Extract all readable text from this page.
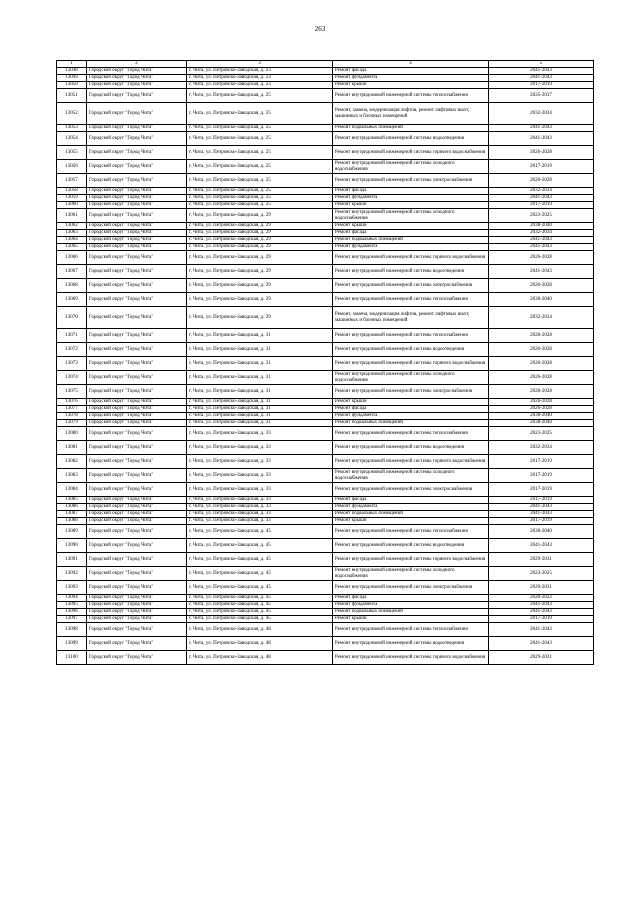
263
1	2	3	4	5
13048	Городской округ "Город Чита"	г. Чита, ул. Петровско-Заводская, д. 23	Ремонт фасада	2041-2043
13049	Городской округ "Город Чита"	г. Чита, ул. Петровско-Заводская, д. 23	Ремонт фундамента	2041-2043
13050	Городской округ "Город Чита"	г. Чита, ул. Петровско-Заводская, д. 23	Ремонт крыши	2017-2019
13051	Городской округ "Город Чита"	г. Чита, ул. Петровско-Заводская, д. 25	Ремонт внутридомовой инженерной системы теплоснабжения	2035-2037
13052	Городской округ "Город Чита"	г. Чита, ул. Петровско-Заводская, д. 25	Ремонт, замена, модернизация лифтов, ремонт лифтовых шахт, машинных и блочных помещений	2032-2034
13053	Городской округ "Город Чита"	г. Чита, ул. Петровско-Заводская, д. 25	Ремонт подвальных помещений	2041-2043
13054	Городской округ "Город Чита"	г. Чита, ул. Петровско-Заводская, д. 25	Ремонт внутридомовой инженерной системы водоотведения	2041-2043
13055	Городской округ "Город Чита"	г. Чита, ул. Петровско-Заводская, д. 25	Ремонт внутридомовой инженерной системы горячего водоснабжения	2026-2028
13056	Городской округ "Город Чита"	г. Чита, ул. Петровско-Заводская, д. 25	Ремонт внутридомовой инженерной системы холодного водоснабжения	2017-2019
13057	Городской округ "Город Чита"	г. Чита, ул. Петровско-Заводская, д. 25	Ремонт внутридомовой инженерной системы электроснабжения	2026-2028
13058	Городской округ "Город Чита"	г. Чита, ул. Петровско-Заводская, д. 25	Ремонт фасада	2032-2034
13059	Городской округ "Город Чита"	г. Чита, ул. Петровско-Заводская, д. 25	Ремонт фундамента	2041-2043
13060	Городской округ "Город Чита"	г. Чита, ул. Петровско-Заводская, д. 25	Ремонт крыши	2017-2019
13061	Городской округ "Город Чита"	г. Чита, ул. Петровско-Заводская, д. 29	Ремонт внутридомовой инженерной системы холодного водоснабжения	2023-2025
13062	Городской округ "Город Чита"	г. Чита, ул. Петровско-Заводская, д. 29	Ремонт крыши	2038-2040
13063	Городской округ "Город Чита"	г. Чита, ул. Петровско-Заводская, д. 29	Ремонт фасада	2032-2034
13064	Городской округ "Город Чита"	г. Чита, ул. Петровско-Заводская, д. 29	Ремонт подвальных помещений	2041-2043
13065	Городской округ "Город Чита"	г. Чита, ул. Петровско-Заводская, д. 29	Ремонт фундамента	2041-2043
13066	Городской округ "Город Чита"	г. Чита, ул. Петровско-Заводская, д. 29	Ремонт внутридомовой инженерной системы горячего водоснабжения	2026-2028
13067	Городской округ "Город Чита"	г. Чита, ул. Петровско-Заводская, д. 29	Ремонт внутридомовой инженерной системы водоотведения	2041-2043
13068	Городской округ "Город Чита"	г. Чита, ул. Петровско-Заводская, д. 29	Ремонт внутридомовой инженерной системы электроснабжения	2026-2028
13069	Городской округ "Город Чита"	г. Чита, ул. Петровско-Заводская, д. 29	Ремонт внутридомовой инженерной системы теплоснабжения	2038-2040
13070	Городской округ "Город Чита"	г. Чита, ул. Петровско-Заводская, д. 29	Ремонт, замена, модернизация лифтов, ремонт лифтовых шахт, машинных и блочных помещений	2032-2034
13071	Городской округ "Город Чита"	г. Чита, ул. Петровско-Заводская, д. 31	Ремонт внутридомовой инженерной системы теплоснабжения	2026-2028
13072	Городской округ "Город Чита"	г. Чита, ул. Петровско-Заводская, д. 31	Ремонт внутридомовой инженерной системы водоотведения	2026-2028
13073	Городской округ "Город Чита"	г. Чита, ул. Петровско-Заводская, д. 31	Ремонт внутридомовой инженерной системы горячего водоснабжения	2026-2028
13074	Городской округ "Город Чита"	г. Чита, ул. Петровско-Заводская, д. 31	Ремонт внутридомовой инженерной системы холодного водоснабжения	2026-2028
13075	Городской округ "Город Чита"	г. Чита, ул. Петровско-Заводская, д. 31	Ремонт внутридомовой инженерной системы электроснабжения	2026-2028
13076	Городской округ "Город Чита"	г. Чита, ул. Петровско-Заводская, д. 31	Ремонт крыши	2026-2028
13077	Городской округ "Город Чита"	г. Чита, ул. Петровско-Заводская, д. 31	Ремонт фасада	2026-2028
13078	Городской округ "Город Чита"	г. Чита, ул. Петровско-Заводская, д. 31	Ремонт фундамента	2038-2040
13079	Городской округ "Город Чита"	г. Чита, ул. Петровско-Заводская, д. 31	Ремонт подвальных помещений	2038-2040
13080	Городской округ "Город Чита"	г. Чита, ул. Петровско-Заводская, д. 33	Ремонт внутридомовой инженерной системы теплоснабжения	2023-2025
13081	Городской округ "Город Чита"	г. Чита, ул. Петровско-Заводская, д. 33	Ремонт внутридомовой инженерной системы водоотведения	2032-2034
13082	Городской округ "Город Чита"	г. Чита, ул. Петровско-Заводская, д. 33	Ремонт внутридомовой инженерной системы горячего водоснабжения	2017-2019
13083	Городской округ "Город Чита"	г. Чита, ул. Петровско-Заводская, д. 33	Ремонт внутридомовой инженерной системы холодного водоснабжения	2017-2019
13084	Городской округ "Город Чита"	г. Чита, ул. Петровско-Заводская, д. 33	Ремонт внутридомовой инженерной системы электроснабжения	2017-2019
13085	Городской округ "Город Чита"	г. Чита, ул. Петровско-Заводская, д. 33	Ремонт фасада	2017-2019
13086	Городской округ "Город Чита"	г. Чита, ул. Петровско-Заводская, д. 33	Ремонт фундамента	2041-2043
13087	Городской округ "Город Чита"	г. Чита, ул. Петровско-Заводская, д. 33	Ремонт подвальных помещений	2041-2043
13088	Городской округ "Город Чита"	г. Чита, ул. Петровско-Заводская, д. 33	Ремонт крыши	2017-2019
13089	Городской округ "Город Чита"	г. Чита, ул. Петровско-Заводская, д. 45	Ремонт внутридомовой инженерной системы теплоснабжения	2038-2040
13090	Городской округ "Город Чита"	г. Чита, ул. Петровско-Заводская, д. 45	Ремонт внутридомовой инженерной системы водоотведения	2041-2043
13091	Городской округ "Город Чита"	г. Чита, ул. Петровско-Заводская, д. 45	Ремонт внутридомовой инженерной системы горячего водоснабжения	2029-2031
13092	Городской округ "Город Чита"	г. Чита, ул. Петровско-Заводская, д. 45	Ремонт внутридомовой инженерной системы холодного водоснабжения	2023-2025
13093	Городской округ "Город Чита"	г. Чита, ул. Петровско-Заводская, д. 45	Ремонт внутридомовой инженерной системы электроснабжения	2029-2031
13094	Городской округ "Город Чита"	г. Чита, ул. Петровско-Заводская, д. 45	Ремонт фасада	2020-2022
13095	Городской округ "Город Чита"	г. Чита, ул. Петровско-Заводская, д. 45	Ремонт фундамента	2041-2043
13096	Городской округ "Город Чита"	г. Чита, ул. Петровско-Заводская, д. 45	Ремонт подвальных помещений	2041-2043
13097	Городской округ "Город Чита"	г. Чита, ул. Петровско-Заводская, д. 45	Ремонт крыши	2017-2019
13098	Городской округ "Город Чита"	г. Чита, ул. Петровско-Заводская, д. 48	Ремонт внутридомовой инженерной системы теплоснабжения	2041-2043
13099	Городской округ "Город Чита"	г. Чита, ул. Петровско-Заводская, д. 48	Ремонт внутридомовой инженерной системы водоотведения	2041-2043
13100	Городской округ "Город Чита"	г. Чита, ул. Петровско-Заводская, д. 48	Ремонт внутридомовой инженерной системы горячего водоснабжения	2029-2031
